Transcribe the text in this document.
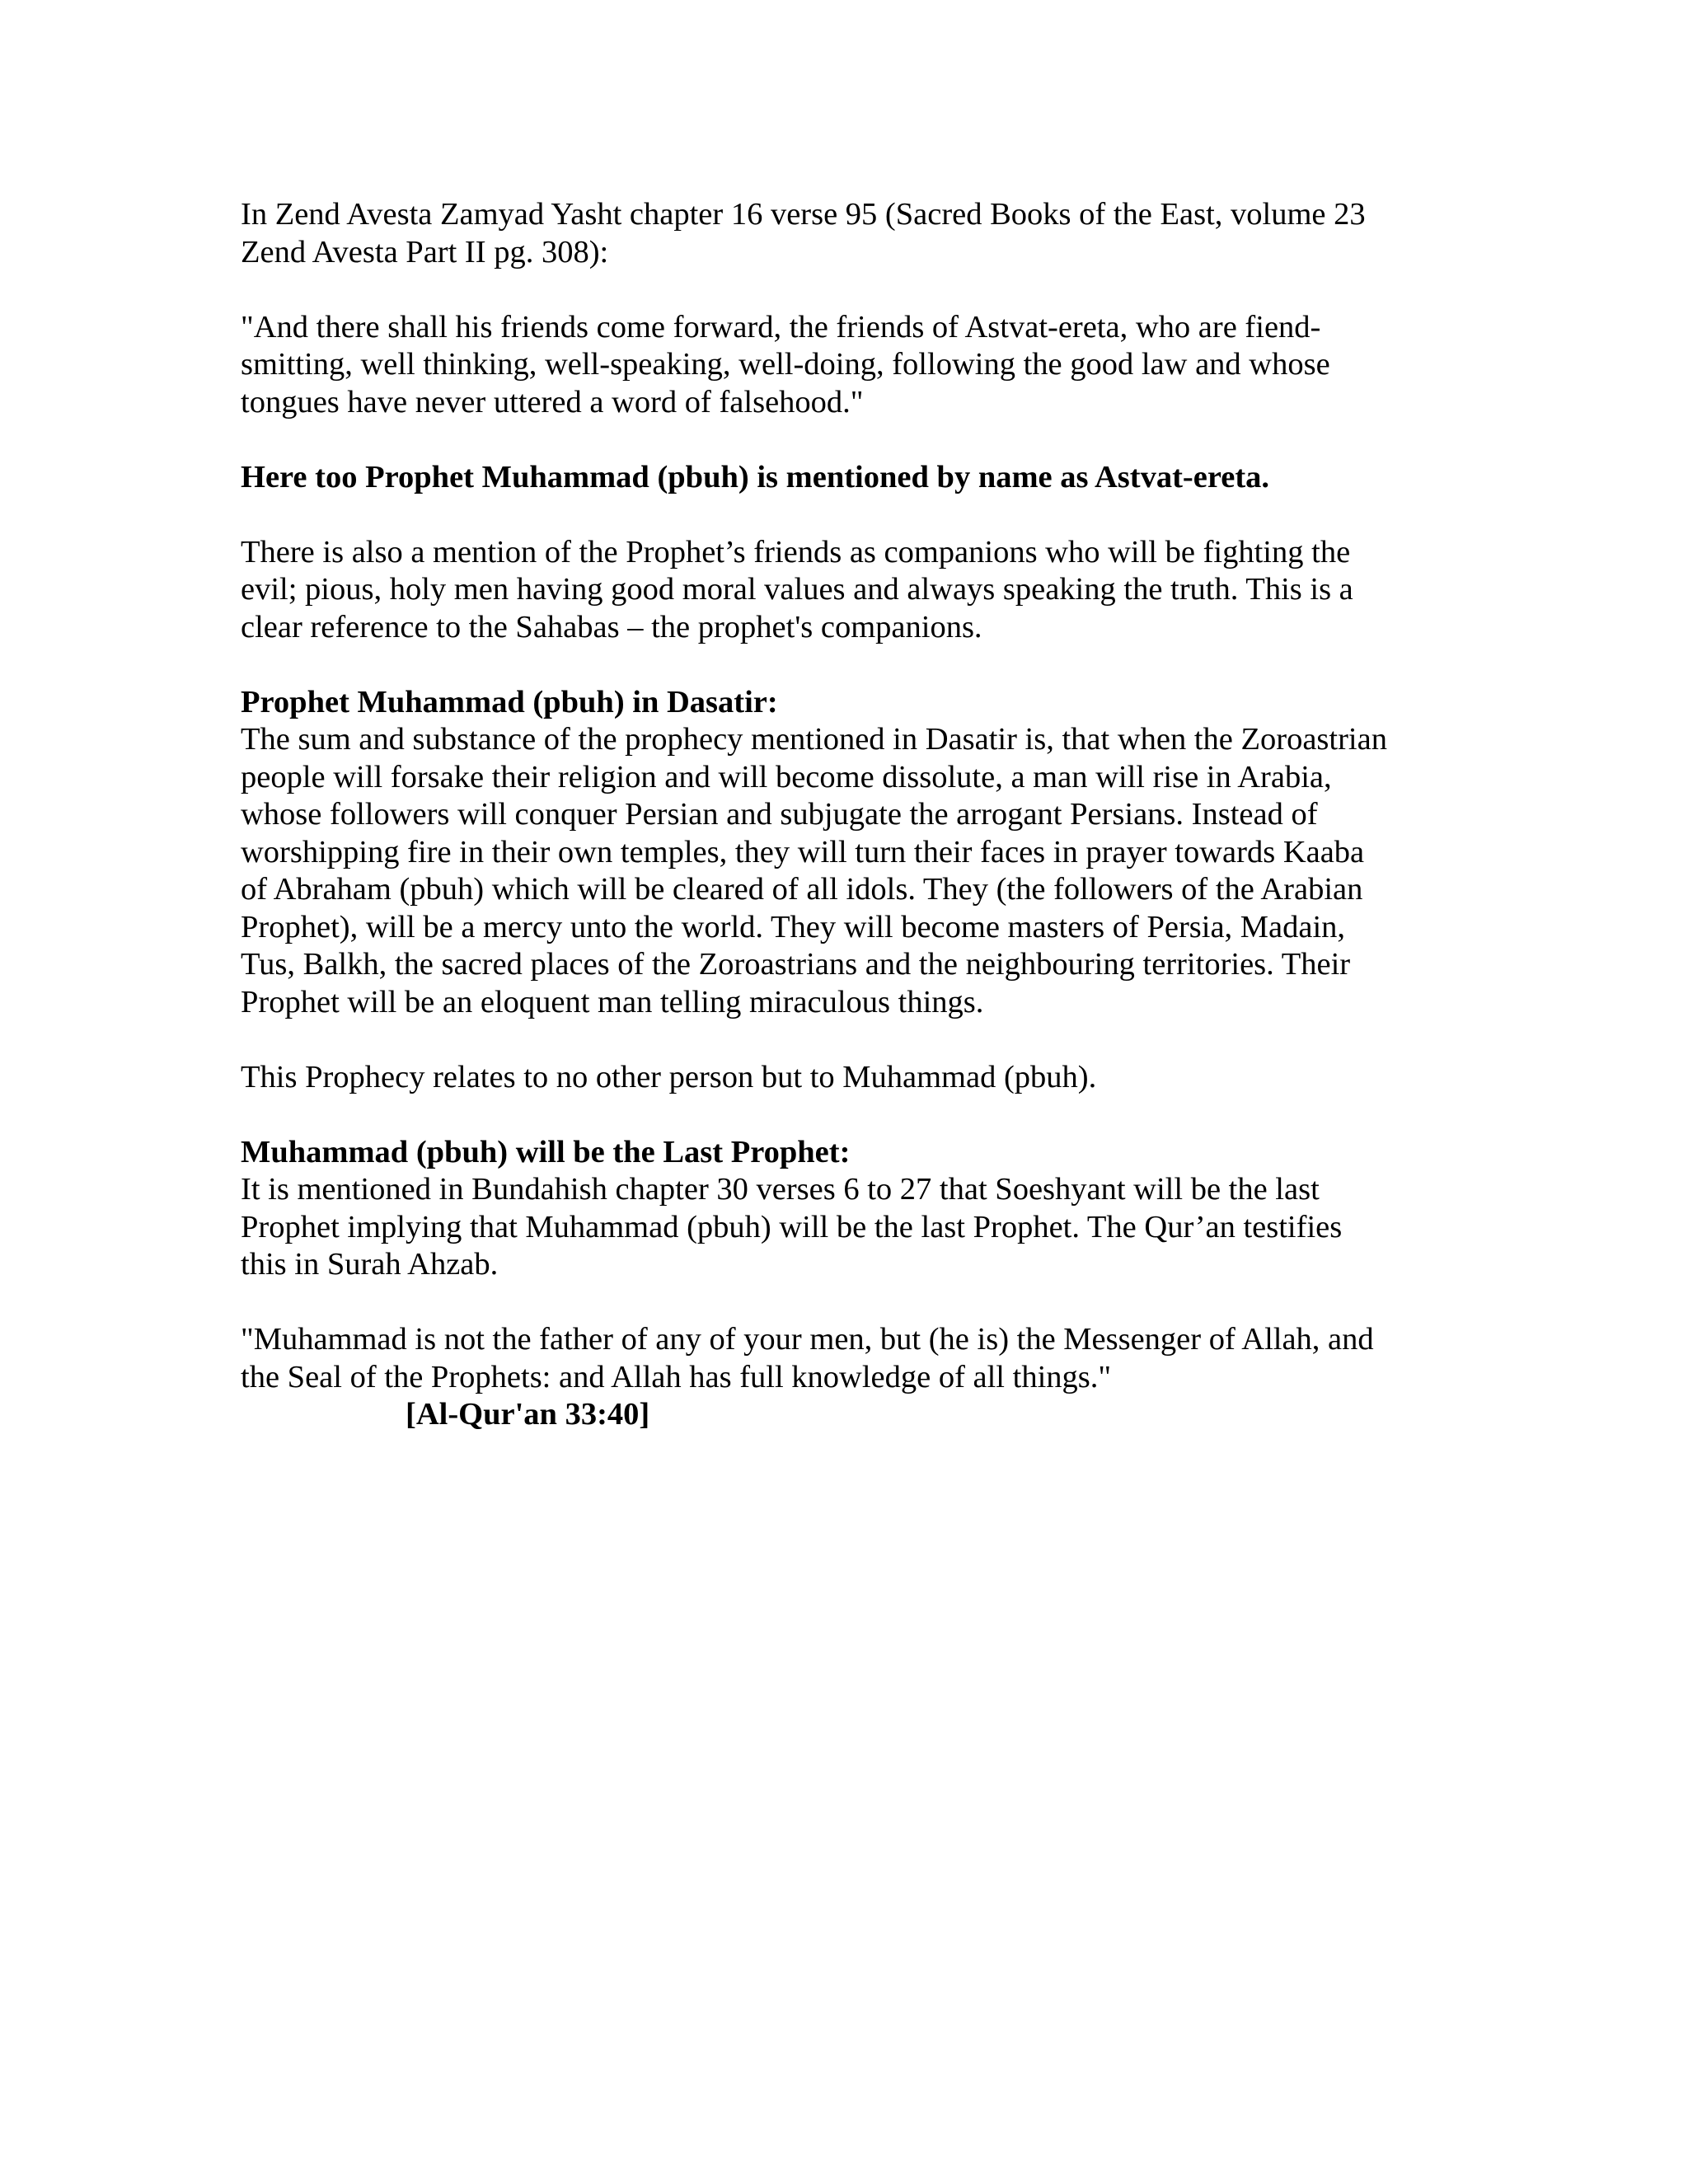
In Zend Avesta Zamyad Yasht chapter 16 verse 95 (Sacred Books of the East, volume 23
Zend Avesta Part II pg. 308):

"And there shall his friends come forward, the friends of Astvat-ereta, who are fiend-
smitting, well thinking, well-speaking, well-doing, following the good law and whose
tongues have never uttered a word of falsehood."

Here too Prophet Muhammad (pbuh) is mentioned by name as Astvat-ereta.

There is also a mention of the Prophet’s friends as companions who will be fighting the
evil; pious, holy men having good moral values and always speaking the truth. This is a
clear reference to the Sahabas – the prophet's companions.

Prophet Muhammad (pbuh) in Dasatir:
The sum and substance of the prophecy mentioned in Dasatir is, that when the Zoroastrian
people will forsake their religion and will become dissolute, a man will rise in Arabia,
whose followers will conquer Persian and subjugate the arrogant Persians. Instead of
worshipping fire in their own temples, they will turn their faces in prayer towards Kaaba
of Abraham (pbuh) which will be cleared of all idols. They (the followers of the Arabian
Prophet), will be a mercy unto the world. They will become masters of Persia, Madain,
Tus, Balkh, the sacred places of the Zoroastrians and the neighbouring territories. Their
Prophet will be an eloquent man telling miraculous things.

This Prophecy relates to no other person but to Muhammad (pbuh).

Muhammad (pbuh) will be the Last Prophet:
It is mentioned in Bundahish chapter 30 verses 6 to 27 that Soeshyant will be the last
Prophet implying that Muhammad (pbuh) will be the last Prophet. The Qur’an testifies
this in Surah Ahzab.
"Muhammad is not the father of any of your men, but (he is) the Messenger of Allah, and
the Seal of the Prophets: and Allah has full knowledge of all things."
[Al-Qur'an 33:40]
